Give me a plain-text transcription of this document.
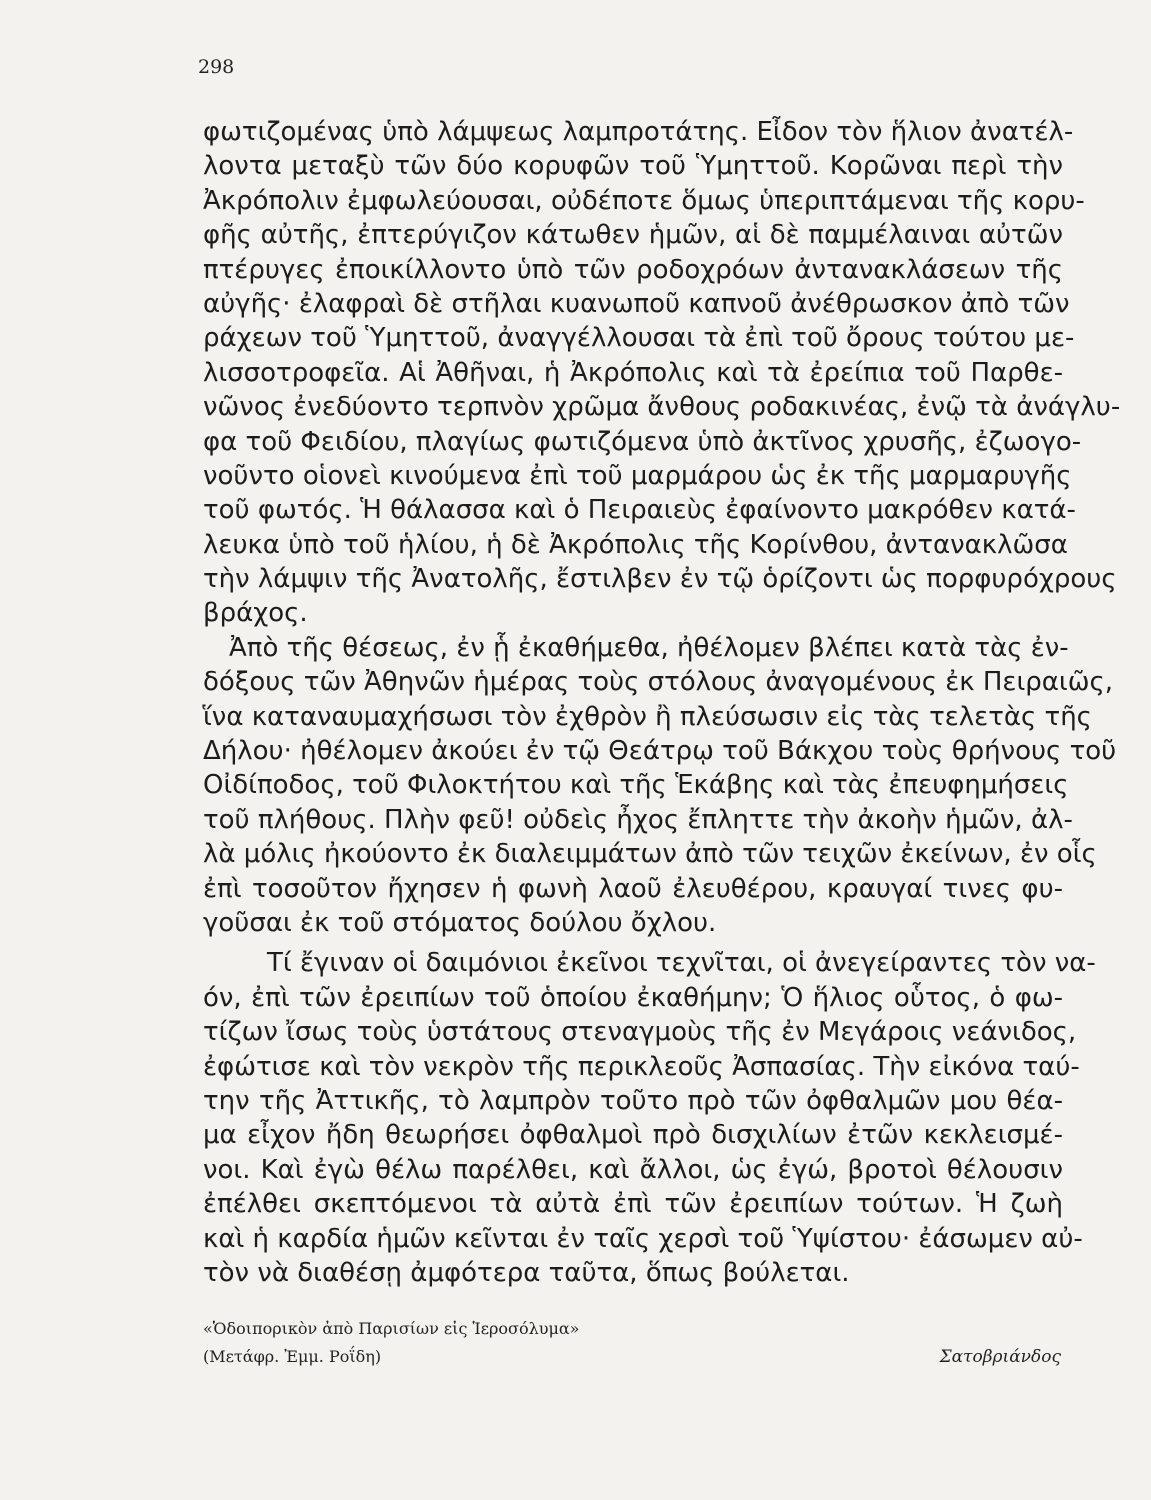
298
φωτιζομένας ὑπὸ λάμψεως λαμπροτάτης. Εἶδον τὸν ἥλιον ἀνατέλ-
λοντα μεταξὺ τῶν δύο κορυφῶν τοῦ Ὑμηττοῦ. Κορῶναι περὶ τὴν
Ἀκρόπολιν ἐμφωλεύουσαι, οὐδέποτε ὅμως ὑπεριπτάμεναι τῆς κορυ-
φῆς αὐτῆς, ἐπτερύγιζον κάτωθεν ἡμῶν, αἱ δὲ παμμέλαιναι αὐτῶν
πτέρυγες ἐποικίλλοντο ὑπὸ τῶν ροδοχρόων ἀντανακλάσεων τῆς
αὐγῆς· ἐλαφραὶ δὲ στῆλαι κυανωποῦ καπνοῦ ἀνέθρωσκον ἀπὸ τῶν
ράχεων τοῦ Ὑμηττοῦ, ἀναγγέλλουσαι τὰ ἐπὶ τοῦ ὄρους τούτου με-
λισσοτροφεῖα. Αἱ Ἀθῆναι, ἡ Ἀκρόπολις καὶ τὰ ἐρείπια τοῦ Παρθε-
νῶνος ἐνεδύοντο τερπνὸν χρῶμα ἄνθους ροδακινέας, ἐνῷ τὰ ἀνάγλυ-
φα τοῦ Φειδίου, πλαγίως φωτιζόμενα ὑπὸ ἀκτῖνος χρυσῆς, ἐζωογο-
νοῦντο οἱονεὶ κινούμενα ἐπὶ τοῦ μαρμάρου ὡς ἐκ τῆς μαρμαρυγῆς
τοῦ φωτός. Ἡ θάλασσα καὶ ὁ Πειραιεὺς ἐφαίνοντο μακρόθεν κατά-
λευκα ὑπὸ τοῦ ἡλίου, ἡ δὲ Ἀκρόπολις τῆς Κορίνθου, ἀντανακλῶσα
τὴν λάμψιν τῆς Ἀνατολῆς, ἔστιλβεν ἐν τῷ ὁρίζοντι ὡς πορφυρόχρους
βράχος.
Ἀπὸ τῆς θέσεως, ἐν ᾗ ἐκαθήμεθα, ἠθέλομεν βλέπει κατὰ τὰς ἐν-
δόξους τῶν Ἀθηνῶν ἡμέρας τοὺς στόλους ἀναγομένους ἐκ Πειραιῶς,
ἵνα καταναυμαχήσωσι τὸν ἐχθρὸν ἢ πλεύσωσιν εἰς τὰς τελετὰς τῆς
Δήλου· ἠθέλομεν ἀκούει ἐν τῷ Θεάτρῳ τοῦ Βάκχου τοὺς θρήνους τοῦ
Οἰδίποδος, τοῦ Φιλοκτήτου καὶ τῆς Ἑκάβης καὶ τὰς ἐπευφημήσεις
τοῦ πλήθους. Πλὴν φεῦ! οὐδεὶς ἦχος ἔπληττε τὴν ἀκοὴν ἡμῶν, ἀλ-
λὰ μόλις ἠκούοντο ἐκ διαλειμμάτων ἀπὸ τῶν τειχῶν ἐκείνων, ἐν οἷς
ἐπὶ τοσοῦτον ἤχησεν ἡ φωνὴ λαοῦ ἐλευθέρου, κραυγαί τινες φυ-
γοῦσαι ἐκ τοῦ στόματος δούλου ὄχλου.
Τί ἔγιναν οἱ δαιμόνιοι ἐκεῖνοι τεχνῖται, οἱ ἀνεγείραντες τὸν να-
όν, ἐπὶ τῶν ἐρειπίων τοῦ ὁποίου ἐκαθήμην; Ὁ ἥλιος οὗτος, ὁ φω-
τίζων ἴσως τοὺς ὑστάτους στεναγμοὺς τῆς ἐν Μεγάροις νεάνιδος,
ἐφώτισε καὶ τὸν νεκρὸν τῆς περικλεοῦς Ἀσπασίας. Τὴν εἰκόνα ταύ-
την τῆς Ἀττικῆς, τὸ λαμπρὸν τοῦτο πρὸ τῶν ὀφθαλμῶν μου θέα-
μα εἶχον ἤδη θεωρήσει ὀφθαλμοὶ πρὸ δισχιλίων ἐτῶν κεκλεισμέ-
νοι. Καὶ ἐγὼ θέλω παρέλθει, καὶ ἄλλοι, ὡς ἐγώ, βροτοὶ θέλουσιν
ἐπέλθει σκεπτόμενοι τὰ αὐτὰ ἐπὶ τῶν ἐρειπίων τούτων. Ἡ ζωὴ
καὶ ἡ καρδία ἡμῶν κεῖνται ἐν ταῖς χερσὶ τοῦ Ὑψίστου· ἐάσωμεν αὐ-
τὸν νὰ διαθέσῃ ἀμφότερα ταῦτα, ὅπως βούλεται.
«Ὁδοιπορικὸν ἀπὸ Παρισίων εἰς Ἱεροσόλυμα»
(Μετάφρ. Ἐμμ. Ροΐδη)	Σατοβριάνδος
